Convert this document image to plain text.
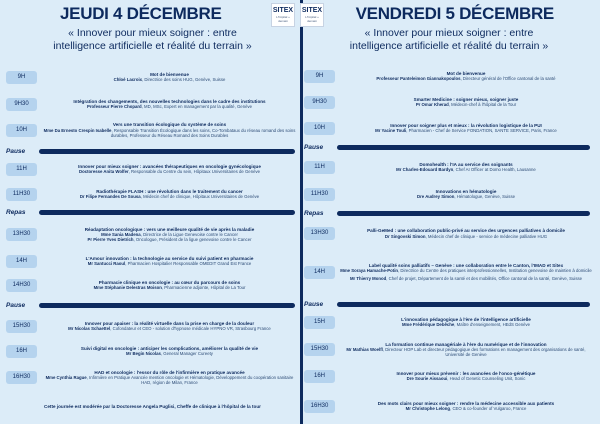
JEUDI 4 DÉCEMBRE	SITEX
L'hôpital + demain
« Innover pour mieux soigner : entre
intelligence artificielle et réalité du terrain »
9H	Mot de bienvenue
Chloé Lacroix, Directrice des soins HUG, Genève, Suisse
9H30	Intégration des changements, des nouvelles technologies dans le cadre des institutions
Professeur Pierre Chopard, MD, MSc, Expert en management par la qualité, Genève
10H
Vers une transition écologique du système de soins
Mme Da Ernesto Crespin Isabelle, Responsable Transition Écologique dans les soins, Co-Tombataux du réseau romand des soins durables, Professeur du Réseau Romand des Soins Durables
Pause
11H	Innover pour mieux soigner : avancées thérapeutiques en oncologie gynécologique
Doctoresse Anita Wolfer, Responsable du Centre du sein, Hôpitaux Universitaires de Genève
11H30	Radiothérapie FLASH : une révolution dans le traitement du cancer
Dr Filipe Fernandes De Sousa, Médecin chef de clinique, Hôpitaux Universitaires de Genève
Repas
13H30
Réadaptation oncologique : vers une meilleure qualité de vie après la maladie
Mme Sania Madena, Directrice de la Ligue Genevoise contre le Cancer
Pr Pierre Yves Dietrich, Oncologue, Président de la ligue genevoise contre le Cancer
14H	L'Amour innovation : la technologie au service du suivi patient en pharmacie
Mr Santucci Raoul, Pharmacien Hospitalier Responsable OMEDIT Grand Est France
14H30	Pharmacie clinique en oncologie : au cœur du parcours de soins
Mme Stéphanie Delestras Moison, Pharmacienne adjointe, Hôpital de La Tour
Pause
15H30	Innover pour apaiser : la réalité virtuelle dans la prise en charge de la douleur
Mr Nicolas Schaettel, Cofondateur et CEO - solution d'hypnose médicale HYPNO VR, Strasbourg France
16H	Suivi digital en oncologie : anticiper les complications, améliorer la qualité de vie
Mr Begin Nicolas, General Manager Cureety
16H30
HAD et oncologie : l'essor du rôle de l'infirmière en pratique avancée
Mme Cynthia Rague, Infirmière en Pratique Avancée mention oncologie et Hématologie, Développement du coopération sanitaire HAD, région de Milan, France
Cette journée est modérée par la Doctoresse Angela Puglisi, Cheffe de clinique à l'hôpital de la tour
SITEX
L'hôpital + demain	VENDREDI 5 DÉCEMBRE
« Innover pour mieux soigner : entre
intelligence artificielle et réalité du terrain »
9H	Mot de bienvenue
Professeur Panteleimon Giannakopoulos, Directeur général de l'Office cantonal de la santé
9H30	Smarter Medicine : soigner mieux, soigner juste
Pr Omar Kherad, Médecin-chef à l'hôpital de la Tour
10H	Innover pour soigner plus et mieux : la révolution logistique de la PUI
Mr Yacine Touli, Pharmacien - Chef de Service FONDATION, SANTE SERVICE, Paris, France
Pause
11H	Domohealth : l'IA au service des soignants
Mr Charles-Edouard Bardyn, Chef AI Officer at Domo Health, Lausanne
11H30	Innovations en hématologie
Dre Audrey Simon, Hématologue, Genève, Suisse
Repas
13H30	Palli-GeMed : une collaboration public-privé au service des urgences palliatives à domicile
Dr Singovski Simon, Médecin chef de clinique - service de médecine palliative HUG
14H
Label qualité soins palliatifs – Genève : une collaboration entre le Canton, l'IMAD et Sitex
Mme Soraya Hamache-Potin, Directrice du Centre des pratiques interprofessionnelles, Institution genevoise de maintien à domicile
Mr Thierry Monod, Chef de projet, Département de la santé et des mobilités, Office cantonal de la santé, Genève, Suisse
Pause
15H	L'innovation pédagogique à l'ère de l'intelligence artificielle
Mme Frédérique Debêche, Maître d'enseignement, HEdS Genève
15H30
La formation continue managériale à l'ère du numérique et de l'innovation
Mr Mathias Woelfl, Directeur HOP Lab et directeur pédagogique des formations en management des organisations de santé, Université de Genève
16H	Innover pour mieux prévenir : les avancées de l'onco-génétique
Dre Sourie Aissaoui, Head of Genetic Counseling Unit, Sonic
16H30	Des mots clairs pour mieux soigner : rendre la médecine accessible aux patients
Mr Christophe Lelong, CEO & co-founder of Vulgaroo, France
